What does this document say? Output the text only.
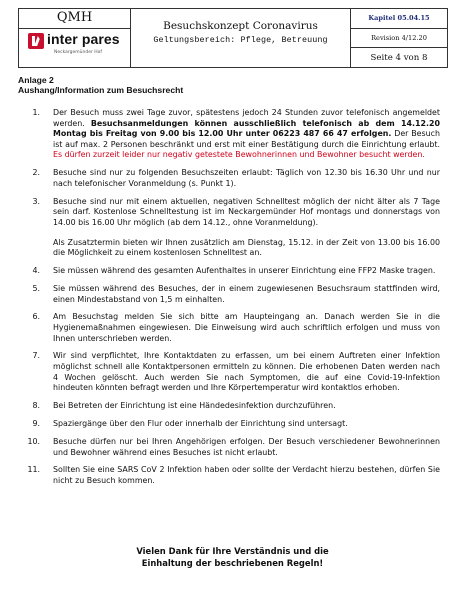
QMH
inter pares
Neckargemünder Hof
Besuchskonzept Coronavirus
Geltungsbereich: Pflege, Betreuung
Kapitel 05.04.15
Revision 4/12.20
Seite 4 von 8
Anlage 2
Aushang/Information zum Besuchsrecht
1. Der Besuch muss zwei Tage zuvor, spätestens jedoch 24 Stunden zuvor telefonisch angemeldet werden. Besuchsanmeldungen können ausschließlich telefonisch ab dem 14.12.20 Montag bis Freitag von 9.00 bis 12.00 Uhr unter 06223 487 66 47 erfolgen. Der Besuch ist auf max. 2 Personen beschränkt und erst mit einer Bestätigung durch die Einrichtung erlaubt. Es dürfen zurzeit leider nur negativ getestete Bewohnerinnen und Bewohner besucht werden.
2. Besuche sind nur zu folgenden Besuchszeiten erlaubt: Täglich von 12.30 bis 16.30 Uhr und nur nach telefonischer Voranmeldung (s. Punkt 1).
3. Besuche sind nur mit einem aktuellen, negativen Schnelltest möglich der nicht älter als 7 Tage sein darf. Kostenlose Schnelltestung ist im Neckargemünder Hof montags und donnerstags von 14.00 bis 16.00 Uhr möglich (ab dem 14.12., ohne Voranmeldung).
Als Zusatztermin bieten wir Ihnen zusätzlich am Dienstag, 15.12. in der Zeit von 13.00 bis 16.00 die Möglichkeit zu einem kostenlosen Schnelltest an.
4. Sie müssen während des gesamten Aufenthaltes in unserer Einrichtung eine FFP2 Maske tragen.
5. Sie müssen während des Besuches, der in einem zugewiesenen Besuchsraum stattfinden wird, einen Mindestabstand von 1,5 m einhalten.
6. Am Besuchstag melden Sie sich bitte am Haupteingang an. Danach werden Sie in die Hygienemaßnahmen eingewiesen. Die Einweisung wird auch schriftlich erfolgen und muss von Ihnen unterschrieben werden.
7. Wir sind verpflichtet, Ihre Kontaktdaten zu erfassen, um bei einem Auftreten einer Infektion möglichst schnell alle Kontaktpersonen ermitteln zu können. Die erhobenen Daten werden nach 4 Wochen gelöscht. Auch werden Sie nach Symptomen, die auf eine Covid-19-Infektion hindeuten könnten befragt werden und Ihre Körpertemperatur wird kontaktlos erhoben.
8. Bei Betreten der Einrichtung ist eine Händedesinfektion durchzuführen.
9. Spaziergänge über den Flur oder innerhalb der Einrichtung sind untersagt.
10. Besuche dürfen nur bei Ihren Angehörigen erfolgen. Der Besuch verschiedener Bewohnerinnen und Bewohner während eines Besuches ist nicht erlaubt.
11. Sollten Sie eine SARS CoV 2 Infektion haben oder sollte der Verdacht hierzu bestehen, dürfen Sie nicht zu Besuch kommen.
Vielen Dank für Ihre Verständnis und die
Einhaltung der beschriebenen Regeln!
